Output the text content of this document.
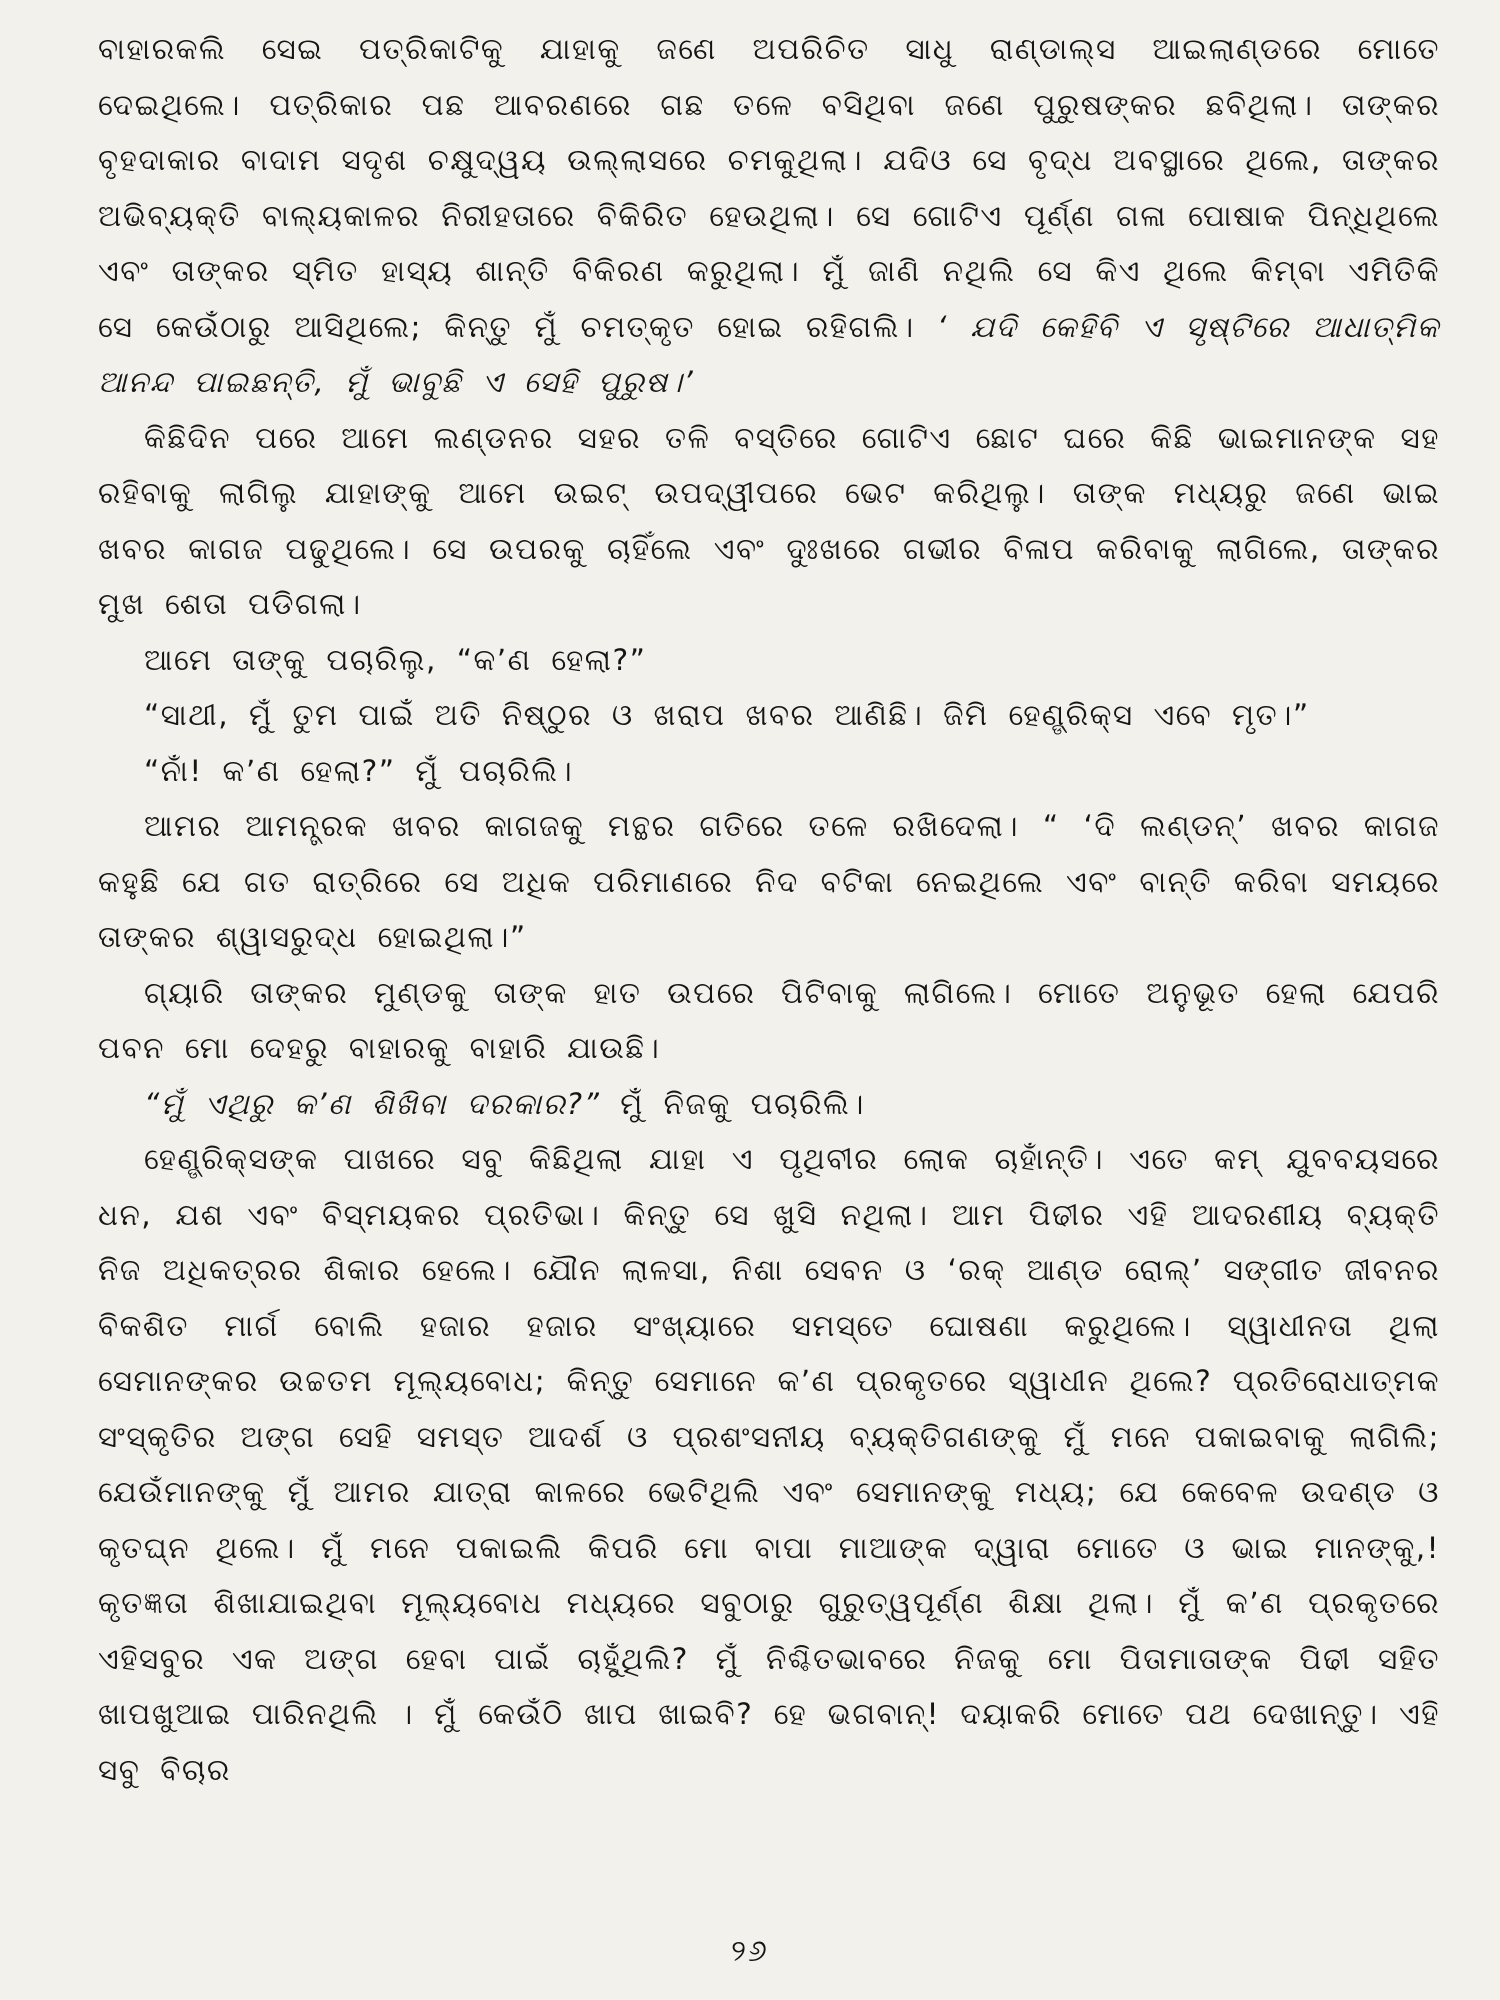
ବାହାରକଲି ସେଇ ପତ୍ରିକାଟିକୁ ଯାହାକୁ ଜଣେ ଅପରିଚିତ ସାଧୁ ରାଣ୍ଡାଲ୍ସ ଆଇଲାଣ୍ଡରେ ମୋତେ ଦେଇଥିଲେ। ପତ୍ରିକାର ପଛ ଆବରଣରେ ଗଛ ତଳେ ବସିଥିବା ଜଣେ ପୁରୁଷଙ୍କର ଛବିଥିଲା। ତାଙ୍କର ବୃହଦାକାର ବାଦାମ ସଦୃଶ ଚକ୍ଷୁଦ୍ୱୟ ଉଲ୍ଲାସରେ ଚମକୁଥିଲା। ଯଦିଓ ସେ ବୃଦ୍ଧ ଅବସ୍ଥାରେ ଥିଲେ, ତାଙ୍କର ଅଭିବ୍ୟକ୍ତି ବାଲ୍ୟକାଳର ନିରୀହତାରେ ବିକିରିତ ହେଉଥିଲା। ସେ ଗୋଟିଏ ପୂର୍ଣ୍ଣ ଗଳା ପୋଷାକ ପିନ୍ଧିଥିଲେ ଏବଂ ତାଙ୍କର ସ୍ମିତ ହାସ୍ୟ ଶାନ୍ତି ବିକିରଣ କରୁଥିଲା। ମୁଁ ଜାଣି ନଥିଲି ସେ କିଏ ଥିଲେ କିମ୍ବା ଏମିତିକି ସେ କେଉଁଠାରୁ ଆସିଥିଲେ; କିନ୍ତୁ ମୁଁ ଚମତ୍କୃତ ହୋଇ ରହିଗଲି। ‘ ଯଦି କେହିବି ଏ ସୃଷ୍ଟିରେ ଆଧାତ୍ମିକ ଆନନ୍ଦ ପାଇଛନ୍ତି, ମୁଁ ଭାବୁଛି ଏ ସେହି ପୁରୁଷ।’

କିଛିଦିନ ପରେ ଆମେ ଲଣ୍ଡନର ସହର ତଳି ବସ୍ତିରେ ଗୋଟିଏ ଛୋଟ ଘରେ କିଛି ଭାଇମାନଙ୍କ ସହ ରହିବାକୁ ଲାଗିଲୁ ଯାହାଙ୍କୁ ଆମେ ଉଇଟ୍ ଉପଦ୍ୱୀପରେ ଭେଟ କରିଥିଲୁ। ତାଙ୍କ ମଧ୍ୟରୁ ଜଣେ ଭାଇ ଖବର କାଗଜ ପଢୁଥିଲେ। ସେ ଉପରକୁ ଚାହିଁଲେ ଏବଂ ଦୁଃଖରେ ଗଭୀର ବିଳାପ କରିବାକୁ ଲାଗିଲେ, ତାଙ୍କର ମୁଖ ଶେତା ପଡିଗଲା।

ଆମେ ତାଙ୍କୁ ପଚାରିଲୁ, “କ’ଣ ହେଲା?”

“ସାଥୀ, ମୁଁ ତୁମ ପାଇଁ ଅତି ନିଷ୍ଠୁର ଓ ଖରାପ ଖବର ଆଣିଛି। ଜିମି ହେଣ୍ଡ୍ରିକ୍ସ ଏବେ ମୃତ।”

“ନାଁ! କ’ଣ ହେଲା?” ମୁଁ ପଚାରିଲି।

ଆମର ଆମନ୍ତ୍ରକ ଖବର କାଗଜକୁ ମନ୍ଥର ଗତିରେ ତଳେ ରଖିଦେଲା। “ ‘ଦି ଲଣ୍ଡନ୍’ ଖବର କାଗଜ କହୁଛି ଯେ ଗତ ରାତ୍ରିରେ ସେ ଅଧିକ ପରିମାଣରେ ନିଦ ବଟିକା ନେଇଥିଲେ ଏବଂ ବାନ୍ତି କରିବା ସମୟରେ ତାଙ୍କର ଶ୍ୱାସରୁଦ୍ଧ ହୋଇଥିଲା।”

ଗ୍ୟାରି ତାଙ୍କର ମୁଣ୍ଡକୁ ତାଙ୍କ ହାତ ଉପରେ ପିଟିବାକୁ ଲାଗିଲେ। ମୋତେ ଅନୁଭୂତ ହେଲା ଯେପରି ପବନ ମୋ ଦେହରୁ ବାହାରକୁ ବାହାରି ଯାଉଛି।

“ମୁଁ ଏଥିରୁ କ’ଣ ଶିଖିବା ଦରକାର?” ମୁଁ ନିଜକୁ ପଚାରିଲି।

ହେଣ୍ଡ୍ରିକ୍ସଙ୍କ ପାଖରେ ସବୁ କିଛିଥିଲା ଯାହା ଏ ପୃଥିବୀର ଲୋକ ଚାହାଁନ୍ତି। ଏତେ କମ୍ ଯୁବବୟସରେ ଧନ, ଯଶ ଏବଂ ବିସ୍ମୟକର ପ୍ରତିଭା। କିନ୍ତୁ ସେ ଖୁସି ନଥିଲା। ଆମ ପିଢୀର ଏହି ଆଦରଣୀୟ ବ୍ୟକ୍ତି ନିଜ ଅଧିକତ୍ରର ଶିକାର ହେଲେ। ଯୌନ ଲାଳସା, ନିଶା ସେବନ ଓ ‘ରକ୍ ଆଣ୍ଡ ରୋଲ୍’ ସଙ୍ଗୀତ ଜୀବନର ବିକଶିତ ମାର୍ଗ ବୋଲି ହଜାର ହଜାର ସଂଖ୍ୟାରେ ସମସ୍ତେ ଘୋଷଣା କରୁଥିଲେ। ସ୍ୱାଧୀନତା ଥିଲା ସେମାନଙ୍କର ଉଚ୍ଚତମ ମୂଲ୍ୟବୋଧ; କିନ୍ତୁ ସେମାନେ କ’ଣ ପ୍ରକୃତରେ ସ୍ୱାଧୀନ ଥିଲେ? ପ୍ରତିରୋଧାତ୍ମକ ସଂସ୍କୃତିର ଅଙ୍ଗ ସେହି ସମସ୍ତ ଆଦର୍ଶ ଓ ପ୍ରଶଂସନୀୟ ବ୍ୟକ୍ତିଗଣଙ୍କୁ ମୁଁ ମନେ ପକାଇବାକୁ ଲାଗିଲି; ଯେଉଁମାନଙ୍କୁ ମୁଁ ଆମର ଯାତ୍ରା କାଳରେ ଭେଟିଥିଲି ଏବଂ ସେମାନଙ୍କୁ ମଧ୍ୟ; ଯେ କେବେଳ ଉଦଣ୍ଡ ଓ କୃତଘ୍ନ ଥିଲେ। ମୁଁ ମନେ ପକାଇଲି କିପରି ମୋ ବାପା ମାଆଙ୍କ ଦ୍ୱାରା ମୋତେ ଓ ଭାଇ ମାନଙ୍କୁ,! କୃତଜ୍ଞତା ଶିଖାଯାଇଥିବା ମୂଲ୍ୟବୋଧ ମଧ୍ୟରେ ସବୁଠାରୁ ଗୁରୁତ୍ୱପୂର୍ଣ୍ଣ ଶିକ୍ଷା ଥିଲା। ମୁଁ କ’ଣ ପ୍ରକୃତରେ ଏହିସବୁର ଏକ ଅଙ୍ଗ ହେବା ପାଇଁ ଚାହୁଁଥିଲି? ମୁଁ ନିଶ୍ଚିତଭାବରେ ନିଜକୁ ମୋ ପିତାମାତାଙ୍କ ପିଢୀ ସହିତ ଖାପଖୁଆଇ ପାରିନଥିଲି । ମୁଁ କେଉଁଠି ଖାପ ଖାଇବି? ହେ ଭଗବାନ୍! ଦୟାକରି ମୋତେ ପଥ ଦେଖାନ୍ତୁ। ଏହି ସବୁ ବିଚାର

୨୬
